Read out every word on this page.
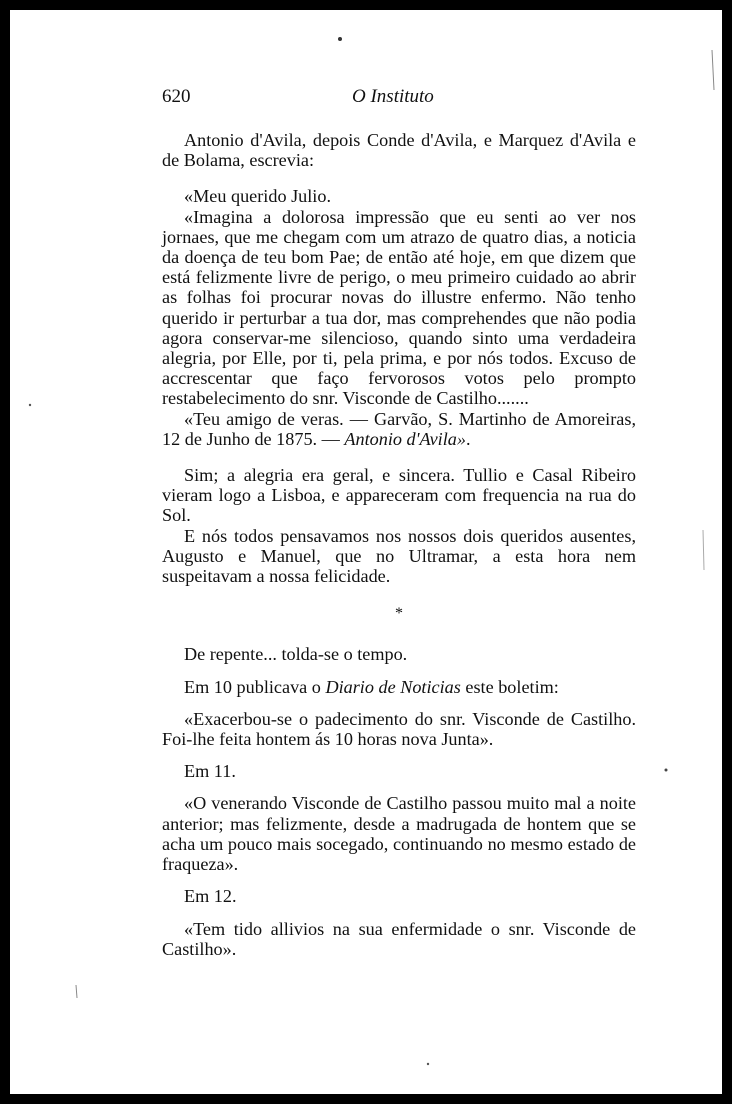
620	O Instituto

Antonio d'Avila, depois Conde d'Avila, e Marquez d'Avila e de Bolama, escrevia:

«Meu querido Julio.

«Imagina a dolorosa impressão que eu senti ao ver nos jornaes, que me chegam com um atrazo de quatro dias, a noticia da doença de teu bom Pae; de então até hoje, em que dizem que está felizmente livre de perigo, o meu primeiro cuidado ao abrir as folhas foi procurar novas do illustre enfermo. Não tenho querido ir perturbar a tua dor, mas comprehendes que não podia agora conservar-me silencioso, quando sinto uma verdadeira alegria, por Elle, por ti, pela prima, e por nós todos. Excuso de accrescentar que faço fervorosos votos pelo prompto restabelecimento do snr. Visconde de Castilho.......

«Teu amigo de veras. — Garvão, S. Martinho de Amoreiras, 12 de Junho de 1875. — Antonio d'Avila».

Sim; a alegria era geral, e sincera. Tullio e Casal Ribeiro vieram logo a Lisboa, e appareceram com frequencia na rua do Sol.

E nós todos pensavamos nos nossos dois queridos ausentes, Augusto e Manuel, que no Ultramar, a esta hora nem suspeitavam a nossa felicidade.

*

De repente... tolda-se o tempo.

Em 10 publicava o Diario de Noticias este boletim:

«Exacerbou-se o padecimento do snr. Visconde de Castilho. Foi-lhe feita hontem ás 10 horas nova Junta».

Em 11.

«O venerando Visconde de Castilho passou muito mal a noite anterior; mas felizmente, desde a madrugada de hontem que se acha um pouco mais socegado, continuando no mesmo estado de fraqueza».

Em 12.

«Tem tido allivios na sua enfermidade o snr. Visconde de Castilho».
